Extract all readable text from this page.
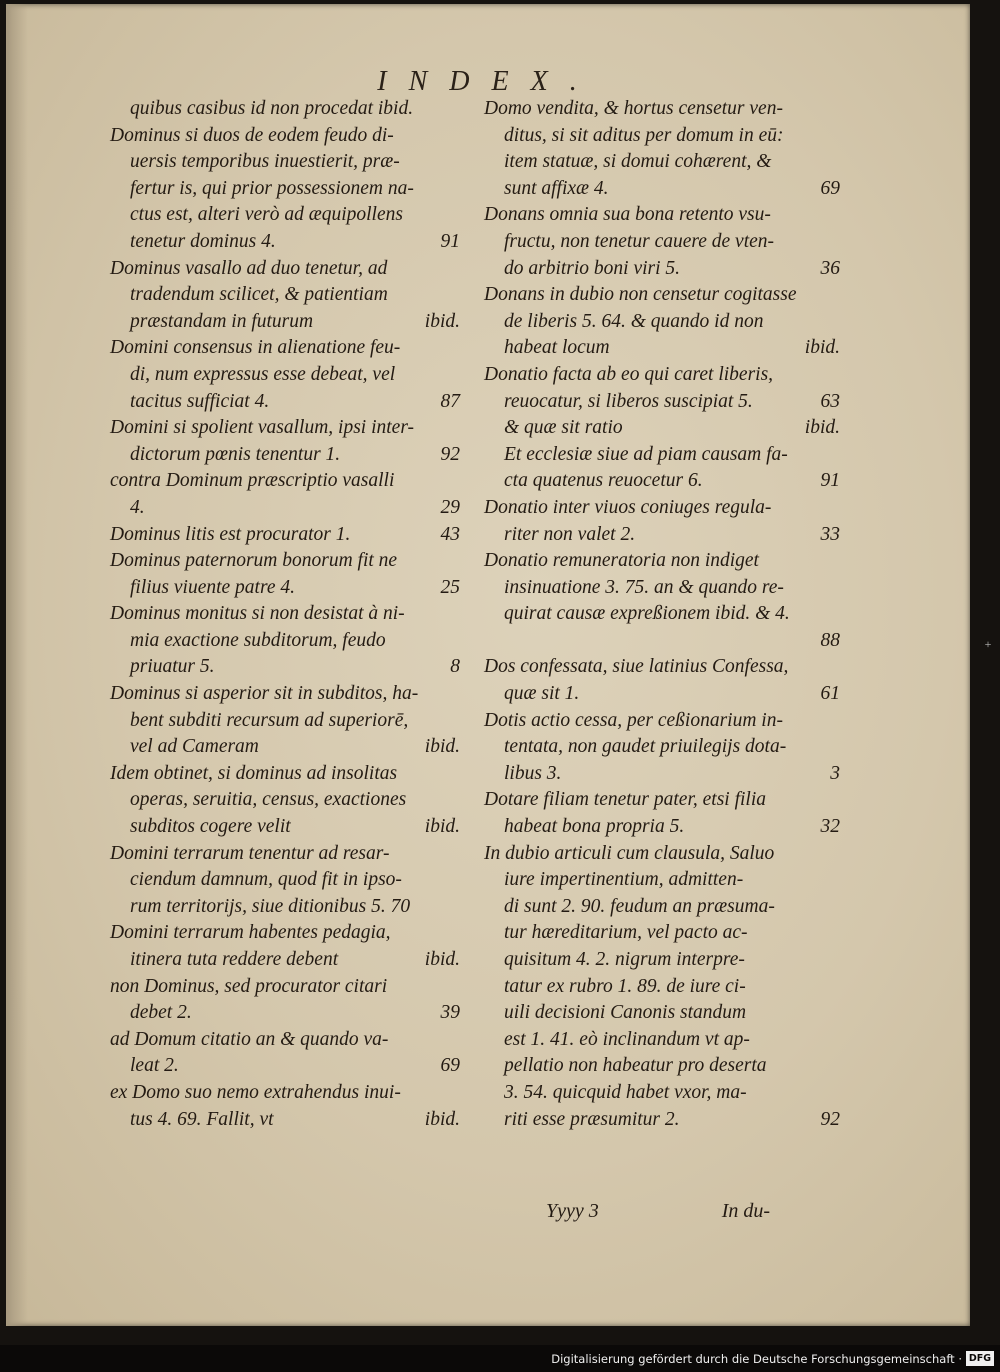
INDEX.
quibus casibus id non procedat ibid.
Dominus si duos de eodem feudo di-
uersis temporibus inuestierit, præ-
fertur is, qui prior possessionem na-
ctus est, alteri verò ad æquipollens
tenetur dominus 4.	91
Dominus vasallo ad duo tenetur, ad
tradendum scilicet, & patientiam
præstandam in futurum	ibid.
Domini consensus in alienatione feu-
di, num expressus esse debeat, vel
tacitus sufficiat 4.	87
Domini si spolient vasallum, ipsi inter-
dictorum pœnis tenentur 1.	92
contra Dominum præscriptio vasalli
4.	29
Dominus litis est procurator 1.	43
Dominus paternorum bonorum fit ne
filius viuente patre 4.	25
Dominus monitus si non desistat à ni-
mia exactione subditorum, feudo
priuatur 5.	8
Dominus si asperior sit in subditos, ha-
bent subditi recursum ad superiorē,
vel ad Cameram	ibid.
Idem obtinet, si dominus ad insolitas
operas, seruitia, census, exactiones
subditos cogere velit	ibid.
Domini terrarum tenentur ad resar-
ciendum damnum, quod fit in ipso-
rum territorijs, siue ditionibus 5. 70
Domini terrarum habentes pedagia,
itinera tuta reddere debent	ibid.
non Dominus, sed procurator citari
debet 2.	39
ad Domum citatio an & quando va-
leat 2.	69
ex Domo suo nemo extrahendus inui-
tus 4. 69. Fallit, vt	ibid.
Domo vendita, & hortus censetur ven-
ditus, si sit aditus per domum in eū:
item statuæ, si domui cohærent, &
sunt affixæ 4.	69
Donans omnia sua bona retento vsu-
fructu, non tenetur cauere de vten-
do arbitrio boni viri 5.	36
Donans in dubio non censetur cogitasse
de liberis 5. 64. & quando id non
habeat locum	ibid.
Donatio facta ab eo qui caret liberis,
reuocatur, si liberos suscipiat 5.	63
& quæ sit ratio	ibid.
Et ecclesiæ siue ad piam causam fa-
cta quatenus reuocetur 6.	91
Donatio inter viuos coniuges regula-
riter non valet 2.	33
Donatio remuneratoria non indiget
insinuatione 3. 75. an & quando re-
quirat causæ expreßionem ibid. & 4.
88
Dos confessata, siue latinius Confessa,
quæ sit 1.	61
Dotis actio cessa, per ceßionarium in-
tentata, non gaudet priuilegijs dota-
libus 3.	3
Dotare filiam tenetur pater, etsi filia
habeat bona propria 5.	32
In dubio articuli cum clausula, Saluo
iure impertinentium, admitten-
di sunt 2. 90. feudum an præsuma-
tur hæreditarium, vel pacto ac-
quisitum 4. 2. nigrum interpre-
tatur ex rubro 1. 89. de iure ci-
uili decisioni Canonis standum
est 1. 41. eò inclinandum vt ap-
pellatio non habeatur pro deserta
3. 54. quicquid habet vxor, ma-
riti esse præsumitur 2.	92
Yyyy 3	In du-
+
Digitalisierung gefördert durch die Deutsche Forschungsgemeinschaft · DFG
